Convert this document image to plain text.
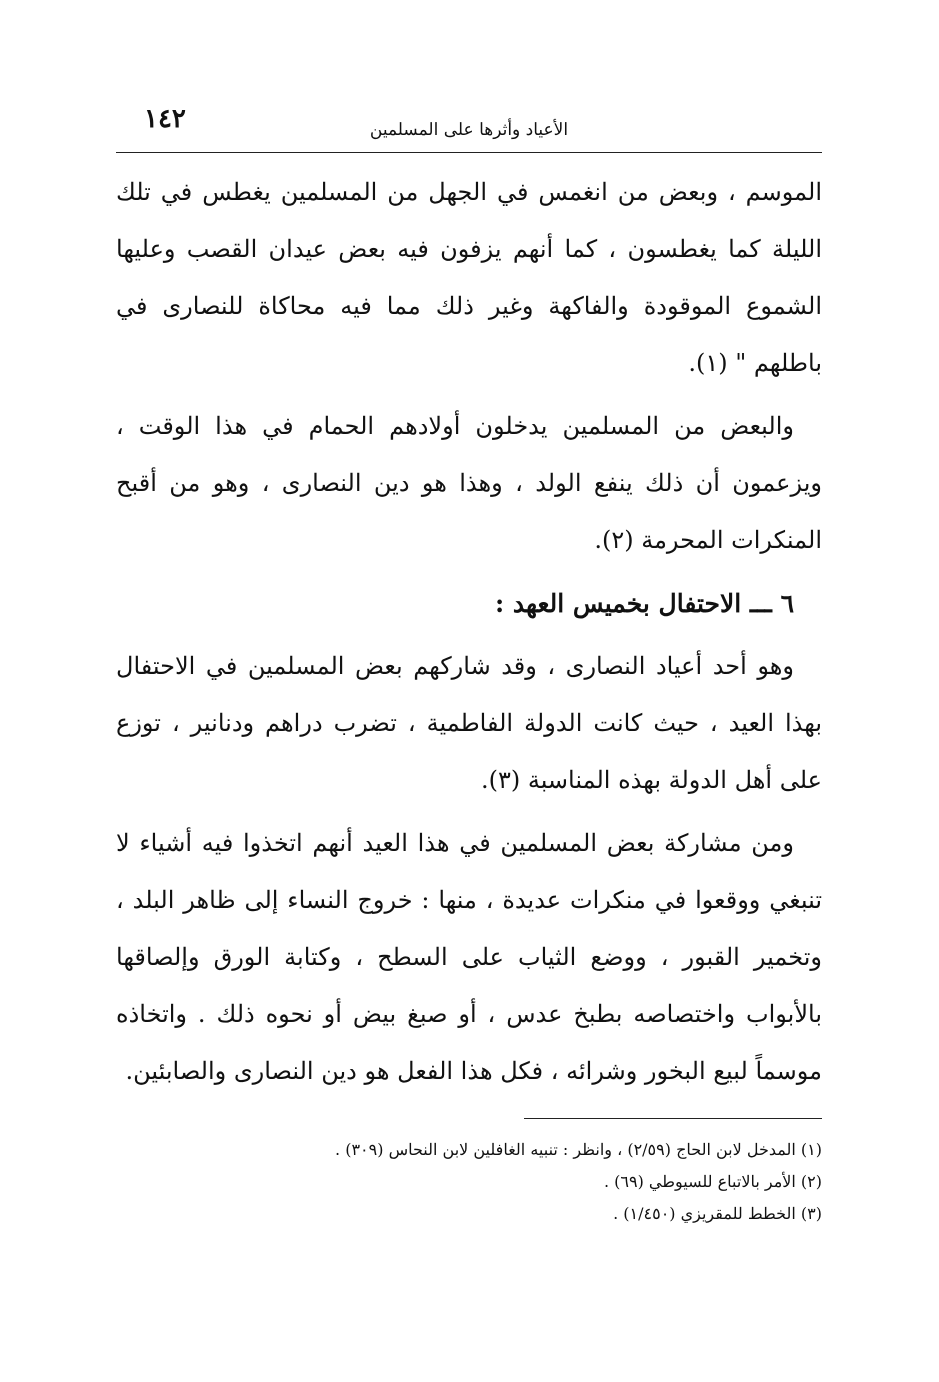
١٤٢	الأعياد وأثرها على المسلمين

الموسم ، وبعض من انغمس في الجهل من المسلمين يغطس في تلك الليلة كما يغطسون ، كما أنهم يزفون فيه بعض عيدان القصب وعليها الشموع الموقودة والفاكهة وغير ذلك مما فيه محاكاة للنصارى في باطلهم " (١).

والبعض من المسلمين يدخلون أولادهم الحمام في هذا الوقت ، ويزعمون أن ذلك ينفع الولد ، وهذا هو دين النصارى ، وهو من أقبح المنكرات المحرمة (٢).

٦ ـــ الاحتفال بخميس العهد :

وهو أحد أعياد النصارى ، وقد شاركهم بعض المسلمين في الاحتفال بهذا العيد ، حيث كانت الدولة الفاطمية ، تضرب دراهم ودنانير ، توزع على أهل الدولة بهذه المناسبة (٣).

ومن مشاركة بعض المسلمين في هذا العيد أنهم اتخذوا فيه أشياء لا تنبغي ووقعوا في منكرات عديدة ، منها : خروج النساء إلى ظاهر البلد ، وتخمير القبور ، ووضع الثياب على السطح ، وكتابة الورق وإلصاقها بالأبواب واختصاصه بطبخ عدس ، أو صبغ بيض أو نحوه ذلك . واتخاذه موسماً لبيع البخور وشرائه ، فكل هذا الفعل هو دين النصارى والصابئين.

(١) المدخل لابن الحاج (٢/٥٩) ، وانظر : تنبيه الغافلين لابن النحاس (٣٠٩) .
(٢) الأمر بالاتباع للسيوطي (٦٩) .
(٣) الخطط للمقريزي (١/٤٥٠) .
